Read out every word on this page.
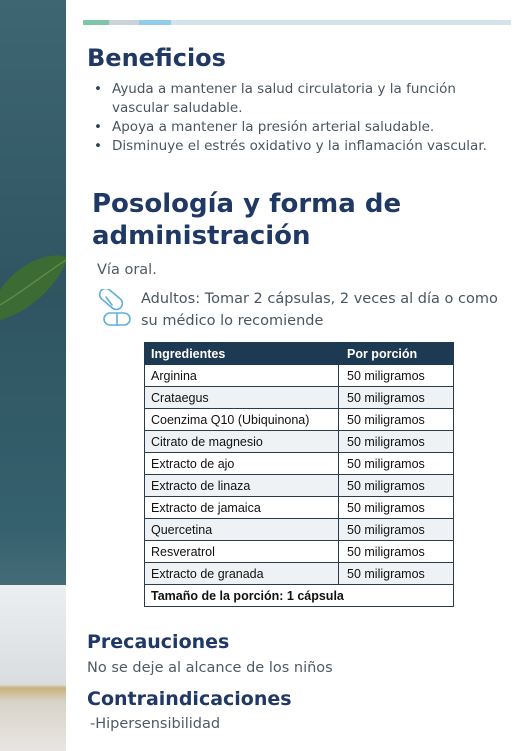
Beneficios
• Ayuda a mantener la salud circulatoria y la función vascular saludable.
• Apoya a mantener la presión arterial saludable.
• Disminuye el estrés oxidativo y la inflamación vascular.
Posología y forma de administración
Vía oral.
Adultos: Tomar 2 cápsulas, 2 veces al día o como su médico lo recomiende
Ingredientes	Por porción
Arginina	50 miligramos
Crataegus	50 miligramos
Coenzima Q10 (Ubiquinona)	50 miligramos
Citrato de magnesio	50 miligramos
Extracto de ajo	50 miligramos
Extracto de linaza	50 miligramos
Extracto de jamaica	50 miligramos
Quercetina	50 miligramos
Resveratrol	50 miligramos
Extracto de granada	50 miligramos
Tamaño de la porción: 1 cápsula	
Precauciones
No se deje al alcance de los niños
Contraindicaciones
-Hipersensibilidad
